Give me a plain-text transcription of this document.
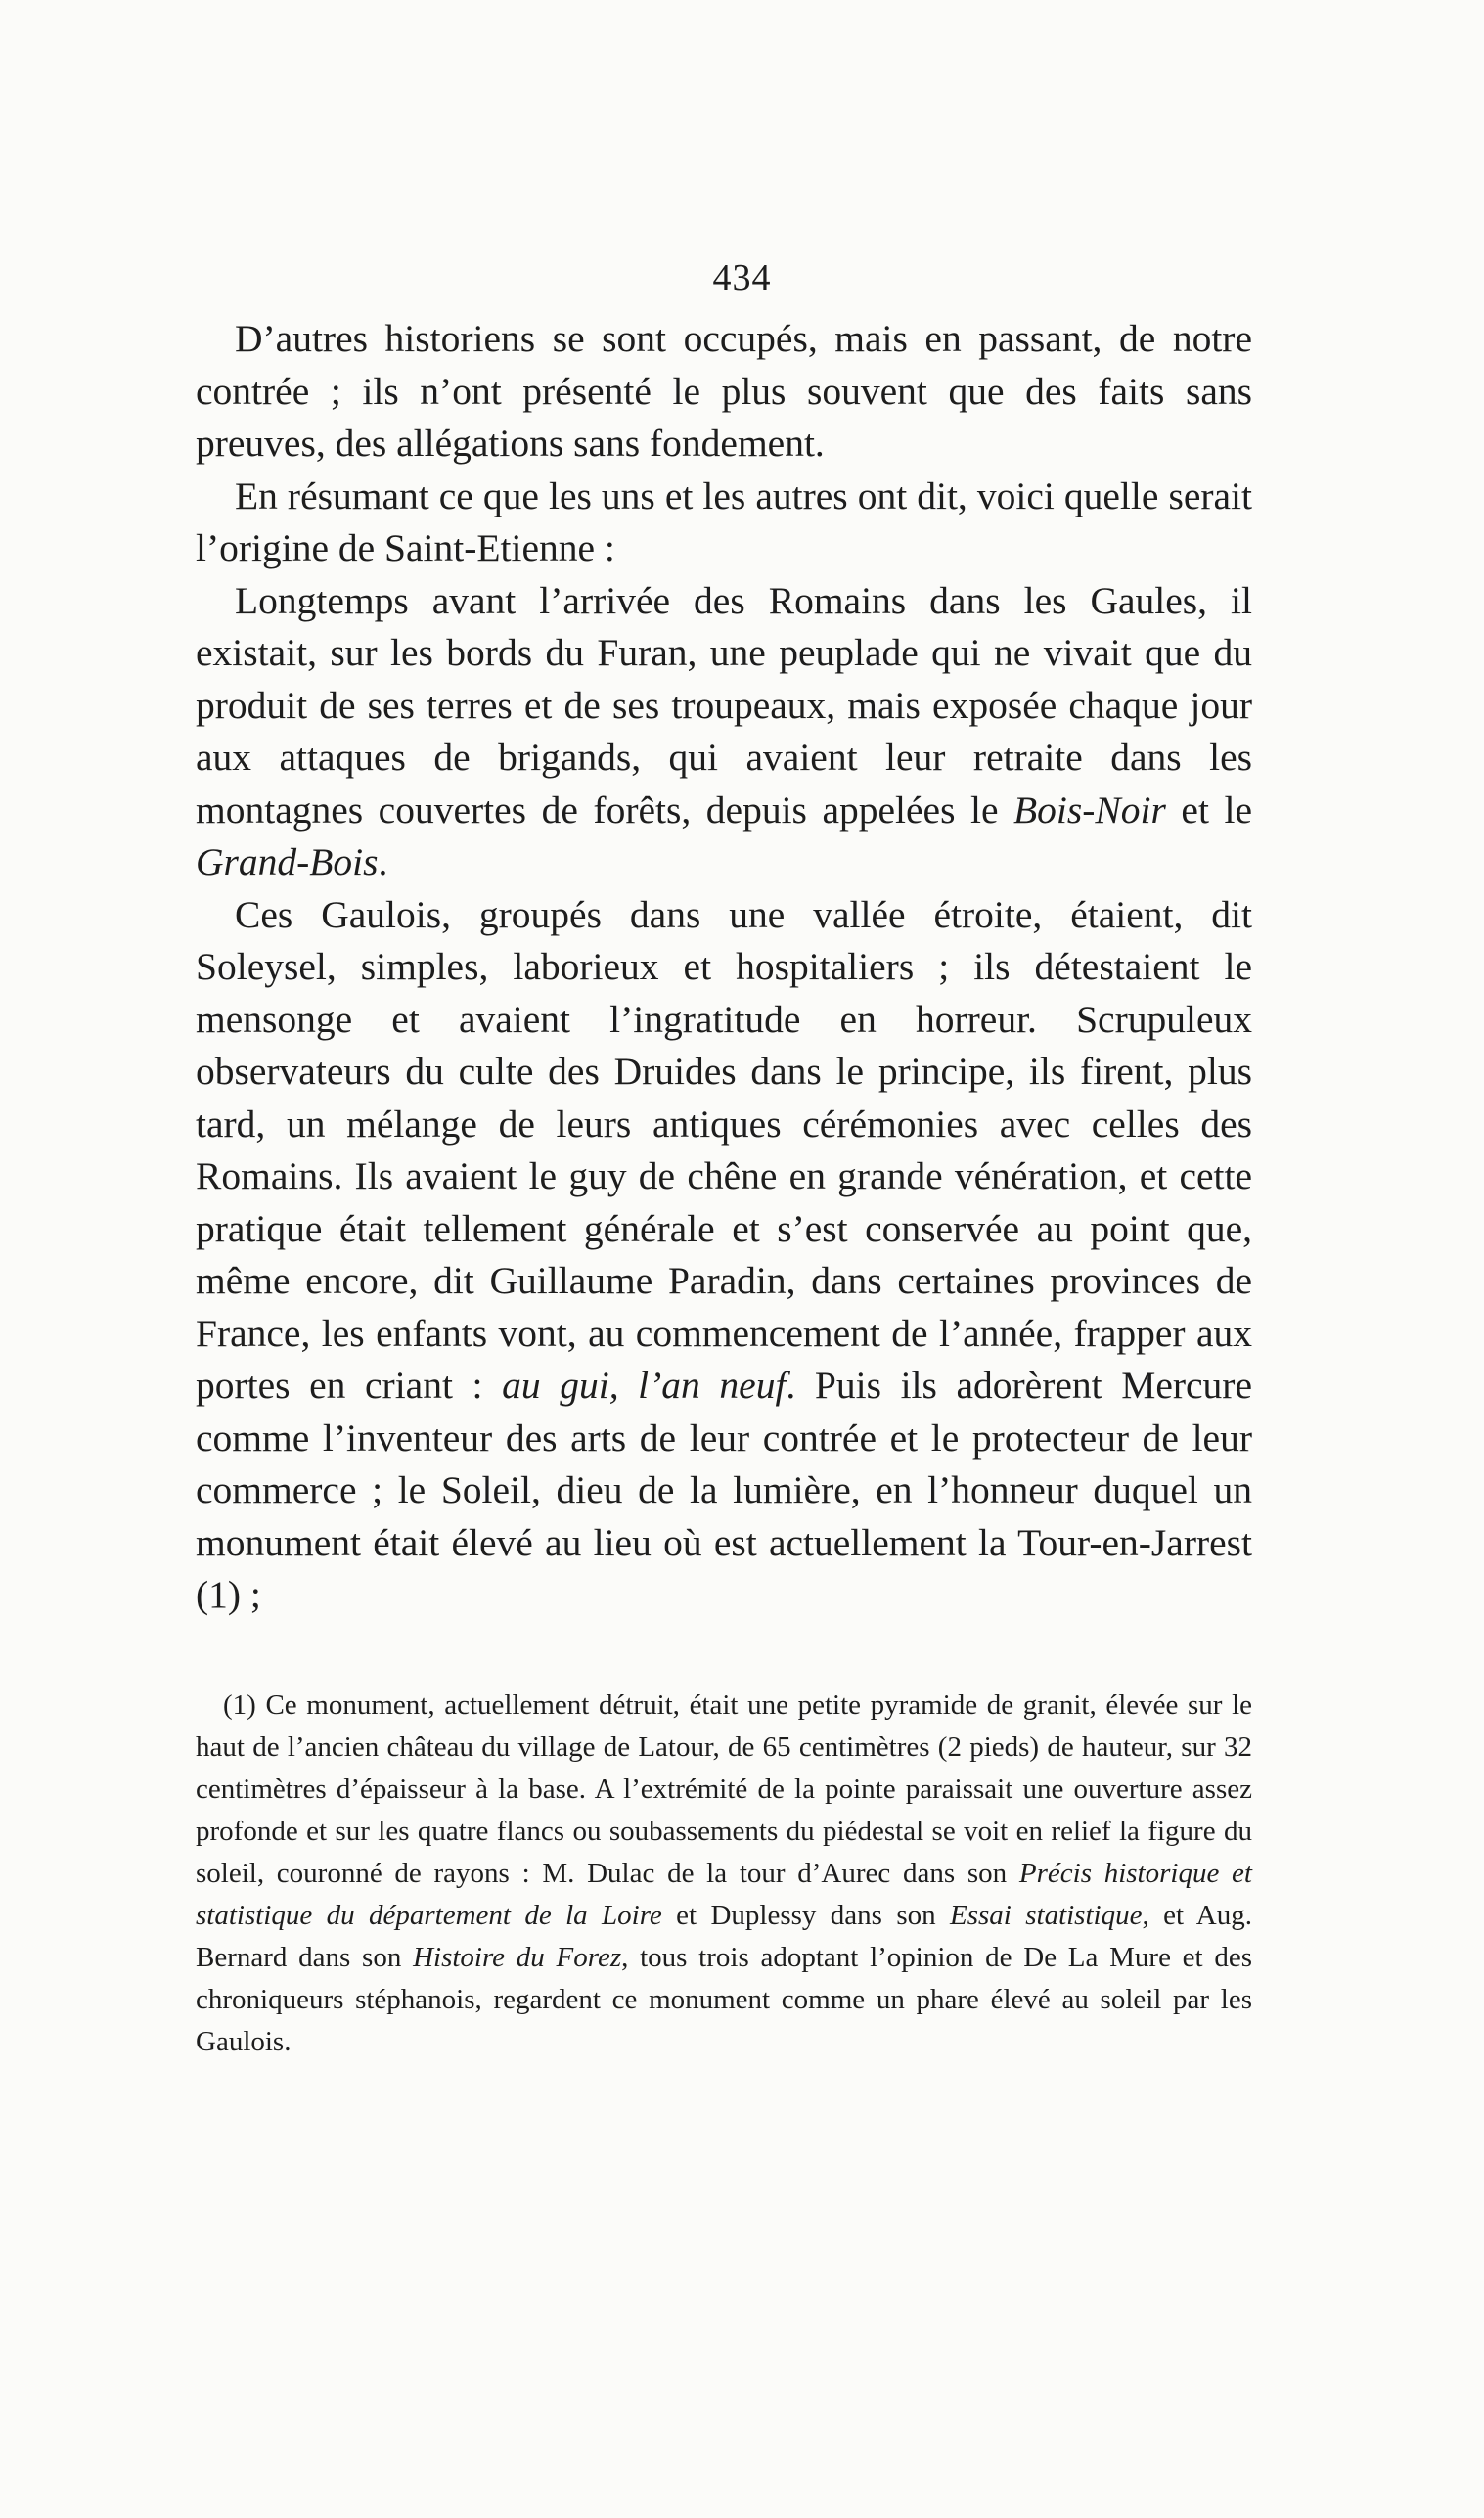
434

D’autres historiens se sont occupés, mais en passant, de notre contrée ; ils n’ont présenté le plus souvent que des faits sans preuves, des allégations sans fondement.

En résumant ce que les uns et les autres ont dit, voici quelle serait l’origine de Saint-Etienne :

Longtemps avant l’arrivée des Romains dans les Gaules, il existait, sur les bords du Furan, une peuplade qui ne vivait que du produit de ses terres et de ses troupeaux, mais exposée chaque jour aux attaques de brigands, qui avaient leur retraite dans les montagnes couvertes de forêts, depuis appelées le Bois-Noir et le Grand-Bois.

Ces Gaulois, groupés dans une vallée étroite, étaient, dit Soleysel, simples, laborieux et hospitaliers ; ils détestaient le mensonge et avaient l’ingratitude en horreur. Scrupuleux observateurs du culte des Druides dans le principe, ils firent, plus tard, un mélange de leurs antiques cérémonies avec celles des Romains. Ils avaient le guy de chêne en grande vénération, et cette pratique était tellement générale et s’est conservée au point que, même encore, dit Guillaume Paradin, dans certaines provinces de France, les enfants vont, au commencement de l’année, frapper aux portes en criant : au gui, l’an neuf. Puis ils adorèrent Mercure comme l’inventeur des arts de leur contrée et le protecteur de leur commerce ; le Soleil, dieu de la lumière, en l’honneur duquel un monument était élevé au lieu où est actuellement la Tour-en-Jarrest (1) ;

(1) Ce monument, actuellement détruit, était une petite pyramide de granit, élevée sur le haut de l’ancien château du village de Latour, de 65 centimètres (2 pieds) de hauteur, sur 32 centimètres d’épaisseur à la base. A l’extrémité de la pointe paraissait une ouverture assez profonde et sur les quatre flancs ou soubassements du piédestal se voit en relief la figure du soleil, couronné de rayons : M. Dulac de la tour d’Aurec dans son Précis historique et statistique du département de la Loire et Duplessy dans son Essai statistique, et Aug. Bernard dans son Histoire du Forez, tous trois adoptant l’opinion de De La Mure et des chroniqueurs stéphanois, regardent ce monument comme un phare élevé au soleil par les Gaulois.
